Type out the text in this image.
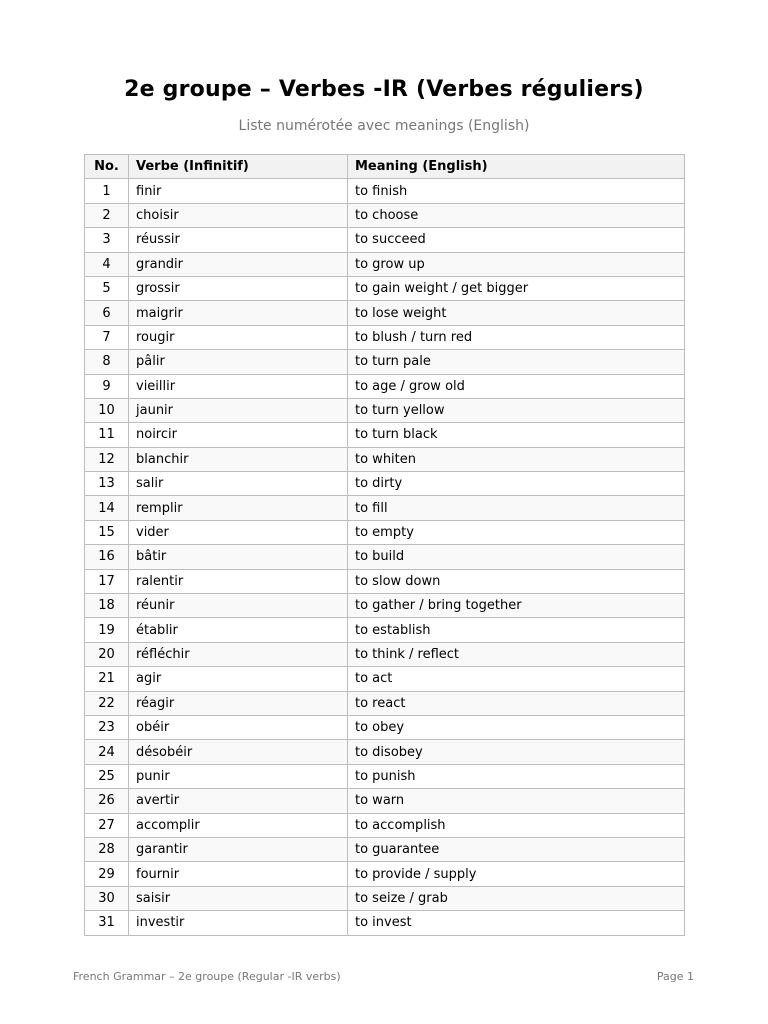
2e groupe – Verbes -IR (Verbes réguliers)
Liste numérotée avec meanings (English)
No.	Verbe (Infinitif)	Meaning (English)
1	finir	to finish
2	choisir	to choose
3	réussir	to succeed
4	grandir	to grow up
5	grossir	to gain weight / get bigger
6	maigrir	to lose weight
7	rougir	to blush / turn red
8	pâlir	to turn pale
9	vieillir	to age / grow old
10	jaunir	to turn yellow
11	noircir	to turn black
12	blanchir	to whiten
13	salir	to dirty
14	remplir	to fill
15	vider	to empty
16	bâtir	to build
17	ralentir	to slow down
18	réunir	to gather / bring together
19	établir	to establish
20	réfléchir	to think / reflect
21	agir	to act
22	réagir	to react
23	obéir	to obey
24	désobéir	to disobey
25	punir	to punish
26	avertir	to warn
27	accomplir	to accomplish
28	garantir	to guarantee
29	fournir	to provide / supply
30	saisir	to seize / grab
31	investir	to invest
French Grammar – 2e groupe (Regular -IR verbs)	Page 1
